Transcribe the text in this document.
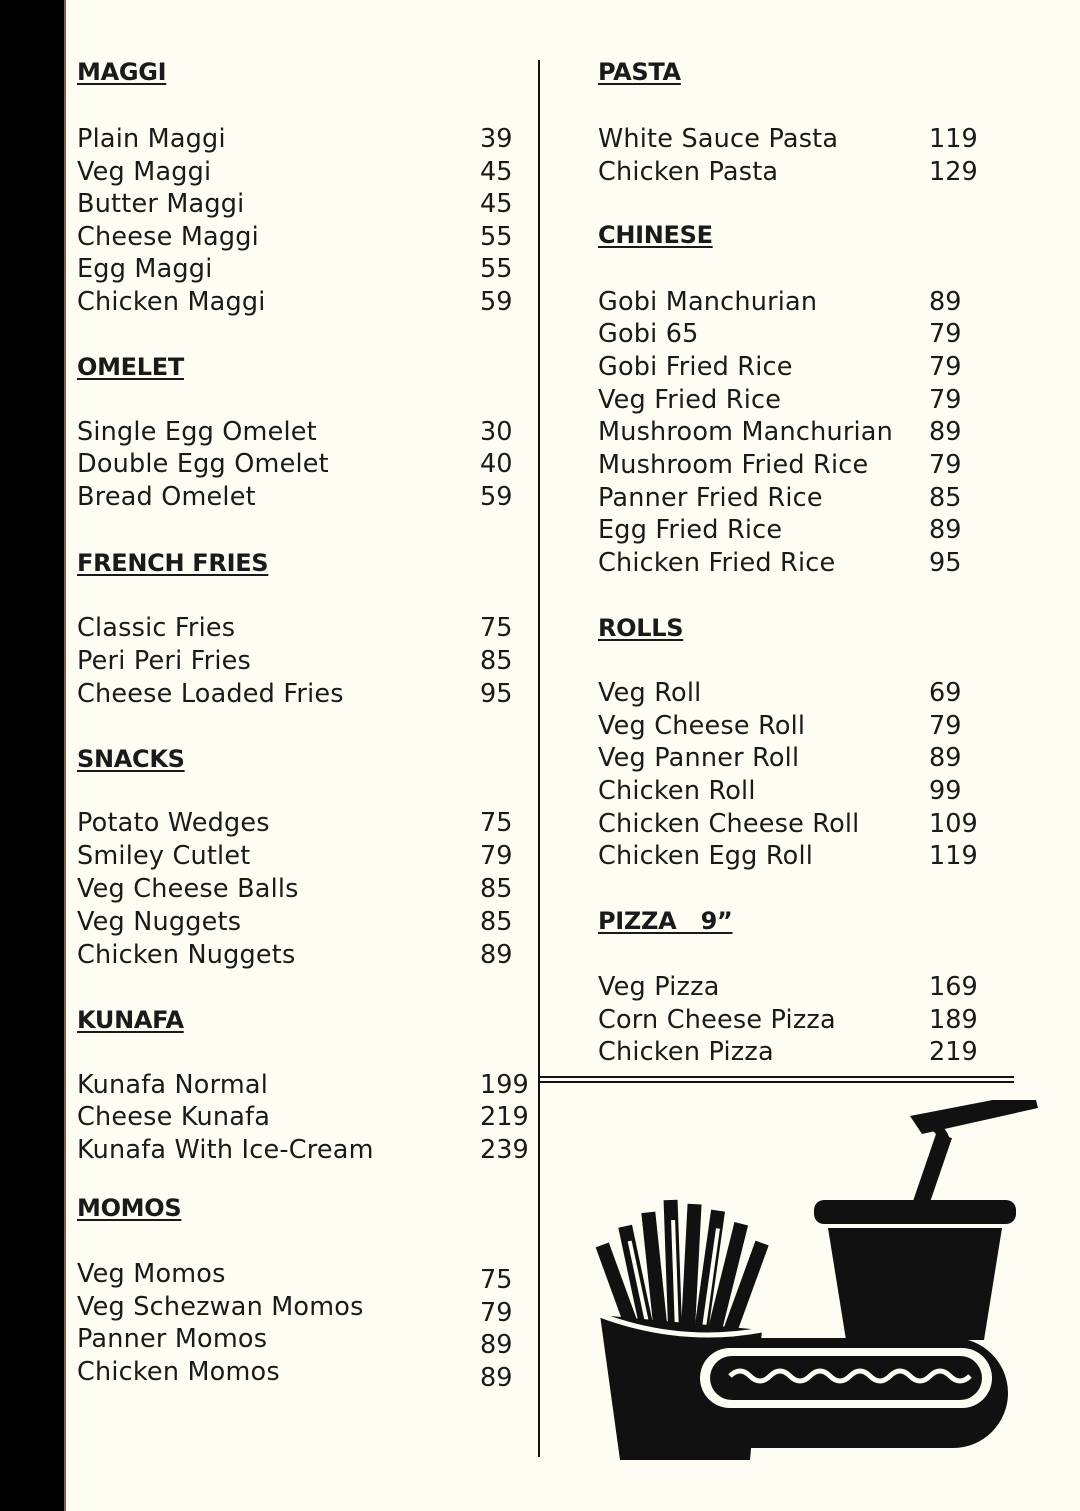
MAGGI
Plain Maggi	39
Veg Maggi	45
Butter Maggi	45
Cheese Maggi	55
Egg Maggi	55
Chicken Maggi	59
OMELET
Single Egg Omelet	30
Double Egg Omelet	40
Bread Omelet	59
FRENCH FRIES
Classic Fries	75
Peri Peri Fries	85
Cheese Loaded Fries	95
SNACKS
Potato Wedges	75
Smiley Cutlet	79
Veg Cheese Balls	85
Veg Nuggets	85
Chicken Nuggets	89
KUNAFA
Kunafa Normal	199
Cheese Kunafa	219
Kunafa With Ice-Cream	239
MOMOS
Veg Momos	75
Veg Schezwan Momos	79
Panner Momos	89
Chicken Momos	89
PASTA
White Sauce Pasta	119
Chicken Pasta	129
CHINESE
Gobi Manchurian	89
Gobi 65	79
Gobi Fried Rice	79
Veg Fried Rice	79
Mushroom Manchurian 89
Mushroom Fried Rice 79
Panner Fried Rice	85
Egg Fried Rice	89
Chicken Fried Rice	95
ROLLS
Veg Roll	69
Veg Cheese Roll	79
Veg Panner Roll	89
Chicken Roll	99
Chicken Cheese Roll	109
Chicken Egg Roll	119
PIZZA   9”
Veg Pizza	169
Corn Cheese Pizza	189
Chicken Pizza	219
